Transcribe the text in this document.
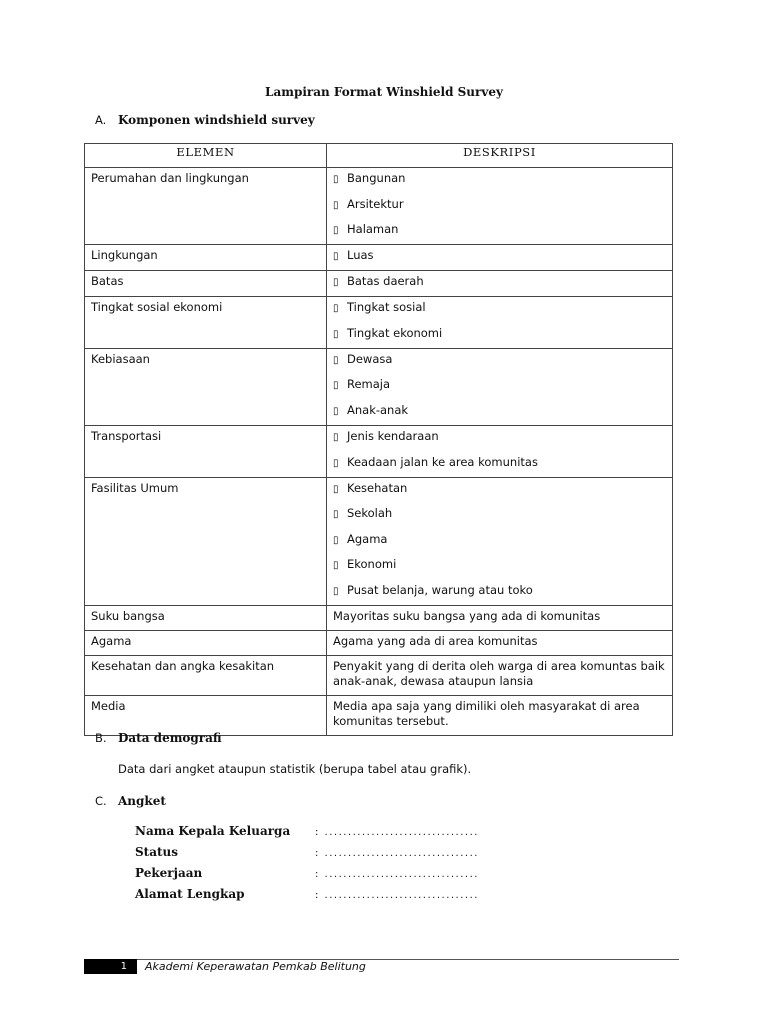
Lampiran Format Winshield Survey
A. Komponen windshield survey
ELEMEN	DESKRIPSI
Perumahan dan lingkungan	▯ Bangunan
▯ Arsitektur
▯ Halaman

Lingkungan	▯ Luas

Batas	▯ Batas daerah

Tingkat sosial ekonomi	▯ Tingkat sosial
▯ Tingkat ekonomi

Kebiasaan	▯ Dewasa
▯ Remaja
▯ Anak-anak

Transportasi	▯ Jenis kendaraan
▯ Keadaan jalan ke area komunitas

Fasilitas Umum	▯ Kesehatan
▯ Sekolah
▯ Agama
▯ Ekonomi
▯ Pusat belanja, warung atau toko

Suku bangsa	Mayoritas suku bangsa yang ada di komunitas
Agama	Agama yang ada di area komunitas
Kesehatan dan angka kesakitan	Penyakit yang di derita oleh warga di area komuntas baik anak-anak, dewasa ataupun lansia
Media	Media apa saja yang dimiliki oleh masyarakat di area komunitas tersebut.
B. Data demografi
Data dari angket ataupun statistik (berupa tabel atau grafik).
C. Angket
Nama Kepala Keluarga : .................................
Status	: .................................
Pekerjaan	: .................................
Alamat Lengkap	: .................................
1	Akademi Keperawatan Pemkab Belitung
